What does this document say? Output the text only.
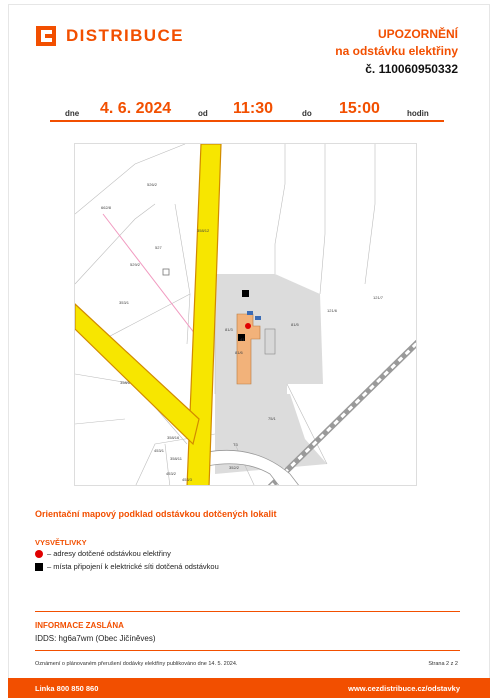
DISTRIBUCE	UPOZORNĚNÍ
na odstávku elektřiny
č. 110060950332
dne 4. 6. 2024	od 11:30	do 15:00	hodin
526/2
662/8
527
529/2
353/1
358/12
81/3
81/5
81/6
121/6
121/7
358/1
75/1
358/16
453/1
358/11
453/2
453/3
352/2
T3
41
Orientační mapový podklad odstávkou dotčených lokalit
VYSVĚTLIVKY
– adresy dotčené odstávkou elektřiny
– místa připojení k elektrické síti dotčená odstávkou
INFORMACE ZASLÁNA
IDDS: hg6a7wm (Obec Jičíněves)
Oznámení o plánovaném přerušení dodávky elektřiny publikováno dne 14. 5. 2024.	Strana 2 z 2
Linka 800 850 860	www.cezdistribuce.cz/odstavky
